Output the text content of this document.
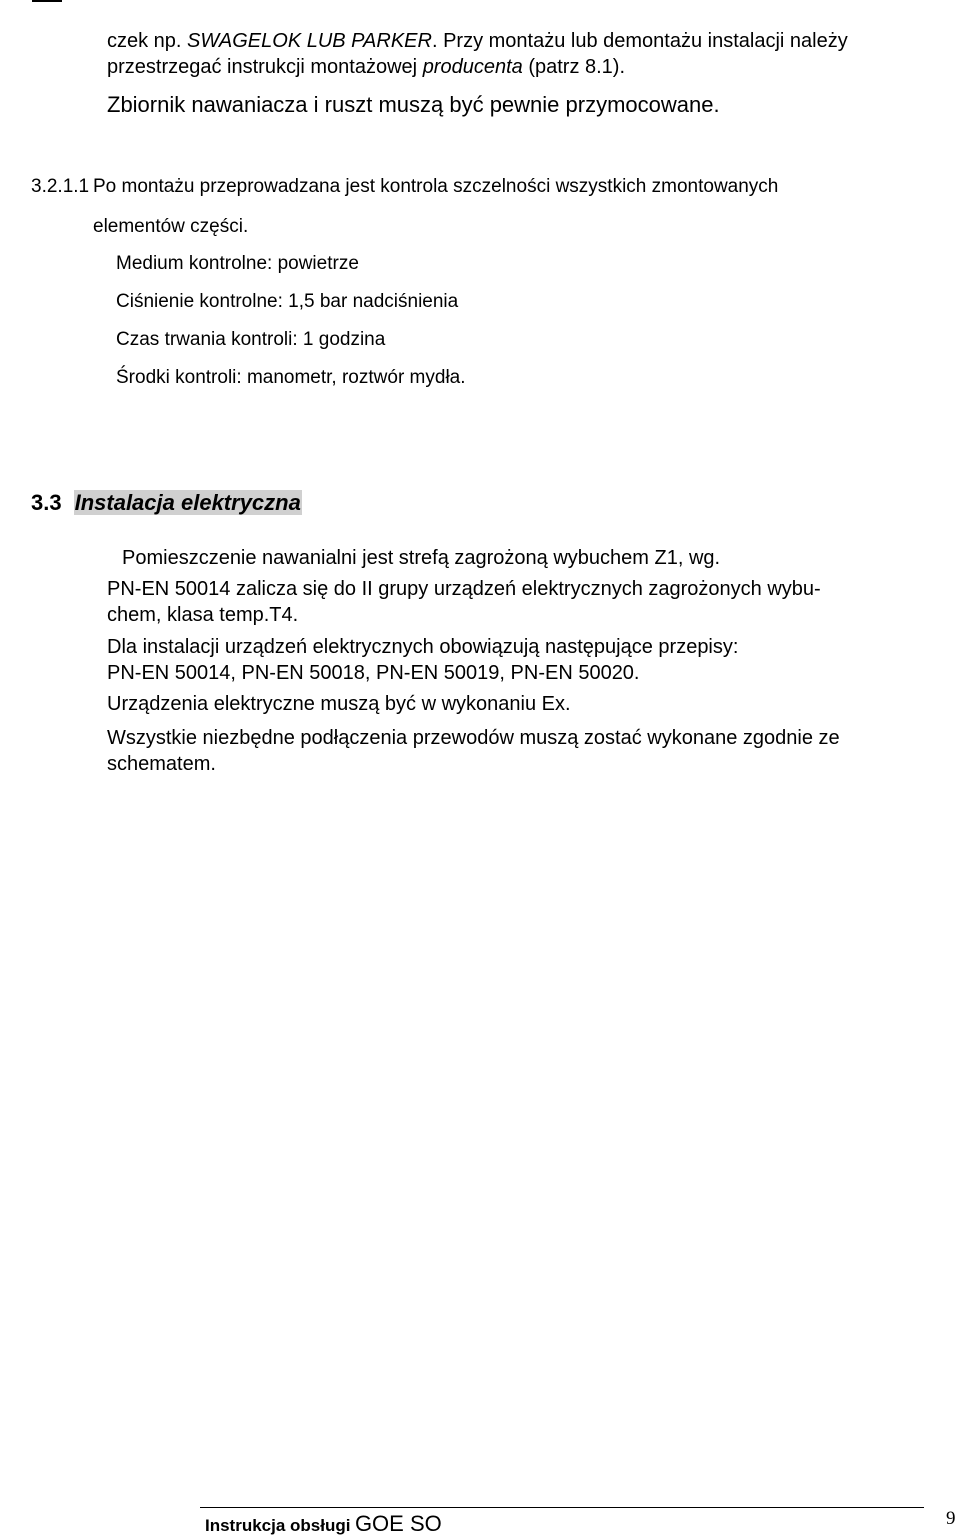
czek np. SWAGELOK LUB PARKER. Przy montażu lub demontażu instalacji należy
przestrzegać instrukcji montażowej producenta (patrz 8.1).
Zbiornik nawaniacza i ruszt muszą być pewnie przymocowane.
3.2.1.1 Po montażu przeprowadzana jest kontrola szczelności wszystkich zmontowanych
elementów części.
Medium kontrolne: powietrze
Ciśnienie kontrolne: 1,5 bar nadciśnienia
Czas trwania kontroli: 1 godzina
Środki kontroli: manometr, roztwór mydła.
3.3 Instalacja elektryczna
Pomieszczenie nawanialni jest strefą zagrożoną wybuchem Z1, wg.
PN-EN 50014 zalicza się do II grupy urządzeń elektrycznych zagrożonych wybu-
chem, klasa temp.T4.
Dla instalacji urządzeń elektrycznych obowiązują następujące przepisy:
PN-EN 50014, PN-EN 50018, PN-EN 50019, PN-EN 50020.
Urządzenia elektryczne muszą być w wykonaniu Ex.
Wszystkie niezbędne podłączenia przewodów muszą zostać wykonane zgodnie ze
schematem.
Instrukcja obsługi GOE SO	9
